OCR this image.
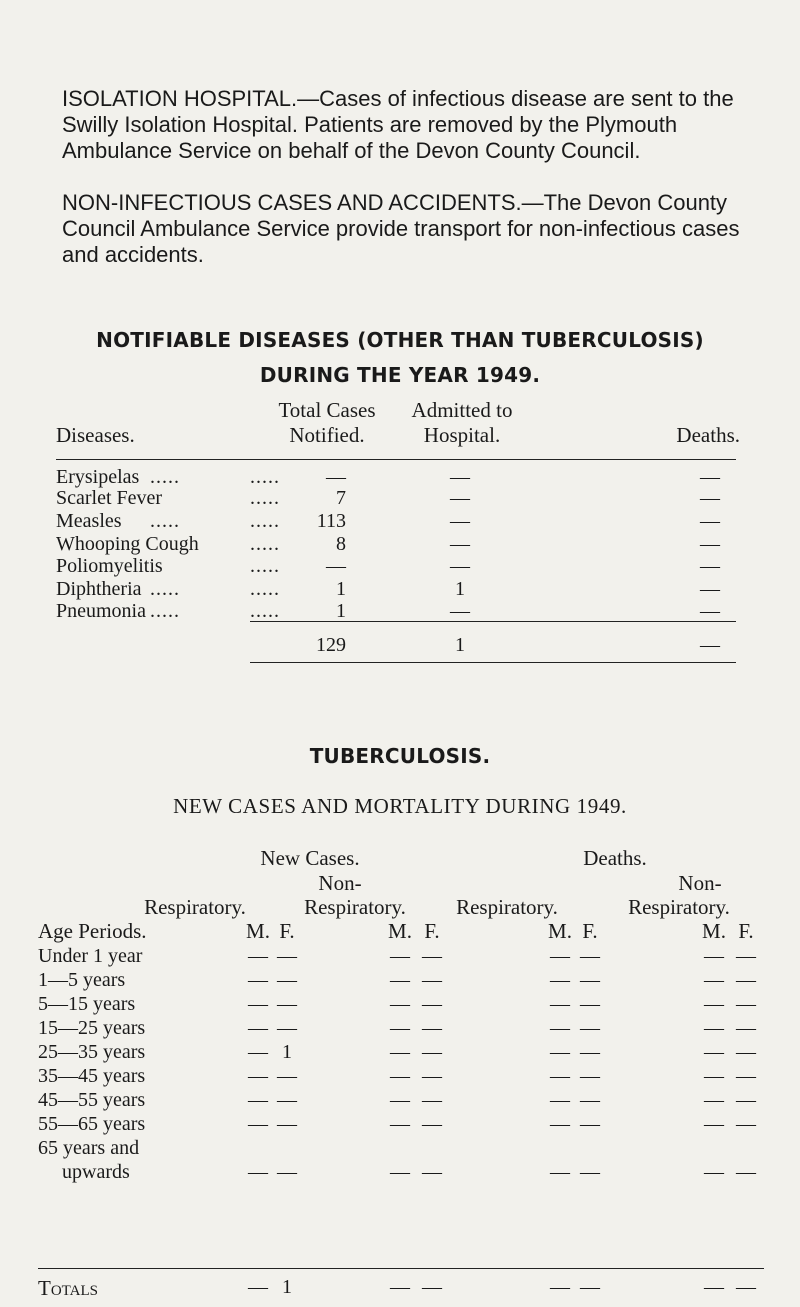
ISOLATION HOSPITAL.—Cases of infectious disease are sent to the Swilly Isolation Hospital. Patients are removed by the Plymouth Ambulance Service on behalf of the Devon County Council.
NON-INFECTIOUS CASES AND ACCIDENTS.—The Devon County Council Ambulance Service provide transport for non-infectious cases and accidents.
NOTIFIABLE DISEASES (OTHER THAN TUBERCULOSIS)
DURING THE YEAR 1949.
Diseases.
Total Cases
Notified.
Admitted to
Hospital.	Deaths.
Erysipelas .....	.....	—	—	—
Scarlet Fever	.....	7	—	—
Measles .....	.....	113	—	—
Whooping Cough	.....	8	—	—
Poliomyelitis	.....	—	—	—
Diphtheria .....	.....	1	1	—
Pneumonia .....	.....	1	—	—
129	1	—
TUBERCULOSIS.
NEW CASES AND MORTALITY DURING 1949.
New Cases.	Deaths.
Non-	Non-
Respiratory.	Respiratory.	Respiratory.	Respiratory.
Age Periods.	M. F.	M. F.	M. F.	M. F.
Under 1 year	— —	— —	— —	— —
1—5 years	— —	— —	— —	— —
5—15 years	— —	— —	— —	— —
15—25 years	— —	— —	— —	— —
25—35 years	— 1	— —	— —	— —
35—45 years	— —	— —	— —	— —
45—55 years	— —	— —	— —	— —
55—65 years	— —	— —	— —	— —
65 years and
upwards	— —	— —	— —	— —
Totals	— 1	— —	— —	— —
